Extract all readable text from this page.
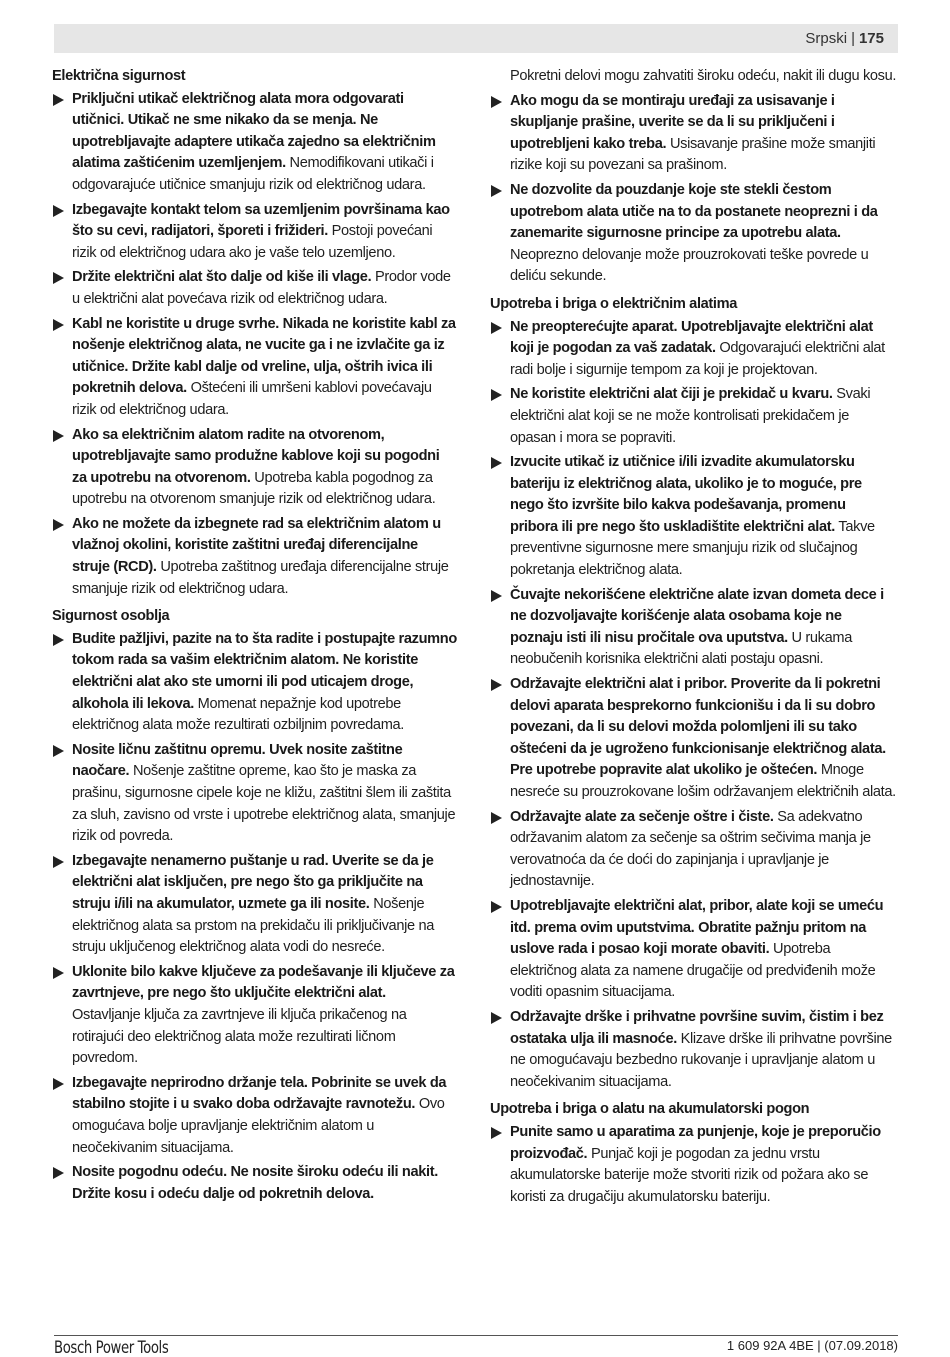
Srpski | 175
Električna sigurnost
Priključni utikač električnog alata mora odgovarati utičnici. Utikač ne sme nikako da se menja. Ne upotrebljavajte adaptere utikača zajedno sa električnim alatima zaštićenim uzemljenjem. Nemodifikovani utikači i odgovarajuće utičnice smanjuju rizik od električnog udara.
Izbegavajte kontakt telom sa uzemljenim površinama kao što su cevi, radijatori, šporeti i frižideri. Postoji povećani rizik od električnog udara ako je vaše telo uzemljeno.
Držite električni alat što dalje od kiše ili vlage. Prodor vode u električni alat povećava rizik od električnog udara.
Kabl ne koristite u druge svrhe. Nikada ne koristite kabl za nošenje električnog alata, ne vucite ga i ne izvlačite ga iz utičnice. Držite kabl dalje od vreline, ulja, oštrih ivica ili pokretnih delova. Oštećeni ili umršeni kablovi povećavaju rizik od električnog udara.
Ako sa električnim alatom radite na otvorenom, upotrebljavajte samo produžne kablove koji su pogodni za upotrebu na otvorenom. Upotreba kabla pogodnog za upotrebu na otvorenom smanjuje rizik od električnog udara.
Ako ne možete da izbegnete rad sa električnim alatom u vlažnoj okolini, koristite zaštitni uređaj diferencijalne struje (RCD). Upotreba zaštitnog uređaja diferencijalne struje smanjuje rizik od električnog udara.
Sigurnost osoblja
Budite pažljivi, pazite na to šta radite i postupajte razumno tokom rada sa vašim električnim alatom. Ne koristite električni alat ako ste umorni ili pod uticajem droge, alkohola ili lekova. Momenat nepažnje kod upotrebe električnog alata može rezultirati ozbiljnim povredama.
Nosite ličnu zaštitnu opremu. Uvek nosite zaštitne naočare. Nošenje zaštitne opreme, kao što je maska za prašinu, sigurnosne cipele koje ne kližu, zaštitni šlem ili zaštita za sluh, zavisno od vrste i upotrebe električnog alata, smanjuje rizik od povreda.
Izbegavajte nenamerno puštanje u rad. Uverite se da je električni alat isključen, pre nego što ga priključite na struju i/ili na akumulator, uzmete ga ili nosite. Nošenje električnog alata sa prstom na prekidaču ili priključivanje na struju uključenog električnog alata vodi do nesreće.
Uklonite bilo kakve ključeve za podešavanje ili ključeve za zavrtnjeve, pre nego što uključite električni alat. Ostavljanje ključa za zavrtnjeve ili ključa prikačenog na rotirajući deo električnog alata može rezultirati ličnom povredom.
Izbegavajte neprirodno držanje tela. Pobrinite se uvek da stabilno stojite i u svako doba održavajte ravnotežu. Ovo omogućava bolje upravljanje električnim alatom u neočekivanim situacijama.
Nosite pogodnu odeću. Ne nosite široku odeću ili nakit. Držite kosu i odeću dalje od pokretnih delova.
Pokretni delovi mogu zahvatiti široku odeću, nakit ili dugu kosu.
Ako mogu da se montiraju uređaji za usisavanje i skupljanje prašine, uverite se da li su priključeni i upotrebljeni kako treba. Usisavanje prašine može smanjiti rizike koji su povezani sa prašinom.
Ne dozvolite da pouzdanje koje ste stekli čestom upotrebom alata utiče na to da postanete neoprezni i da zanemarite sigurnosne principe za upotrebu alata. Neoprezno delovanje može prouzrokovati teške povrede u deliću sekunde.
Upotreba i briga o električnim alatima
Ne preopterećujte aparat. Upotrebljavajte električni alat koji je pogodan za vaš zadatak. Odgovarajući električni alat radi bolje i sigurnije tempom za koji je projektovan.
Ne koristite električni alat čiji je prekidač u kvaru. Svaki električni alat koji se ne može kontrolisati prekidačem je opasan i mora se popraviti.
Izvucite utikač iz utičnice i/ili izvadite akumulatorsku bateriju iz električnog alata, ukoliko je to moguće, pre nego što izvršite bilo kakva podešavanja, promenu pribora ili pre nego što uskladištite električni alat. Takve preventivne sigurnosne mere smanjuju rizik od slučajnog pokretanja električnog alata.
Čuvajte nekorišćene električne alate izvan dometa dece i ne dozvoljavajte korišćenje alata osobama koje ne poznaju isti ili nisu pročitale ova uputstva. U rukama neobučenih korisnika električni alati postaju opasni.
Održavajte električni alat i pribor. Proverite da li pokretni delovi aparata besprekorno funkcionišu i da li su dobro povezani, da li su delovi možda polomljeni ili su tako oštećeni da je ugroženo funkcionisanje električnog alata. Pre upotrebe popravite alat ukoliko je oštećen. Mnoge nesreće su prouzrokovane lošim održavanjem električnih alata.
Održavajte alate za sečenje oštre i čiste. Sa adekvatno održavanim alatom za sečenje sa oštrim sečivima manja je verovatnoća da će doći do zapinjanja i upravljanje je jednostavnije.
Upotrebljavajte električni alat, pribor, alate koji se umeću itd. prema ovim uputstvima. Obratite pažnju pritom na uslove rada i posao koji morate obaviti. Upotreba električnog alata za namene drugačije od predviđenih može voditi opasnim situacijama.
Održavajte drške i prihvatne površine suvim, čistim i bez ostataka ulja ili masnoće. Klizave drške ili prihvatne površine ne omogućavaju bezbedno rukovanje i upravljanje alatom u neočekivanim situacijama.
Upotreba i briga o alatu na akumulatorski pogon
Punite samo u aparatima za punjenje, koje je preporučio proizvođač. Punjač koji je pogodan za jednu vrstu akumulatorske baterije može stvoriti rizik od požara ako se koristi za drugačiju akumulatorsku bateriju.
Bosch Power Tools	1 609 92A 4BE | (07.09.2018)
